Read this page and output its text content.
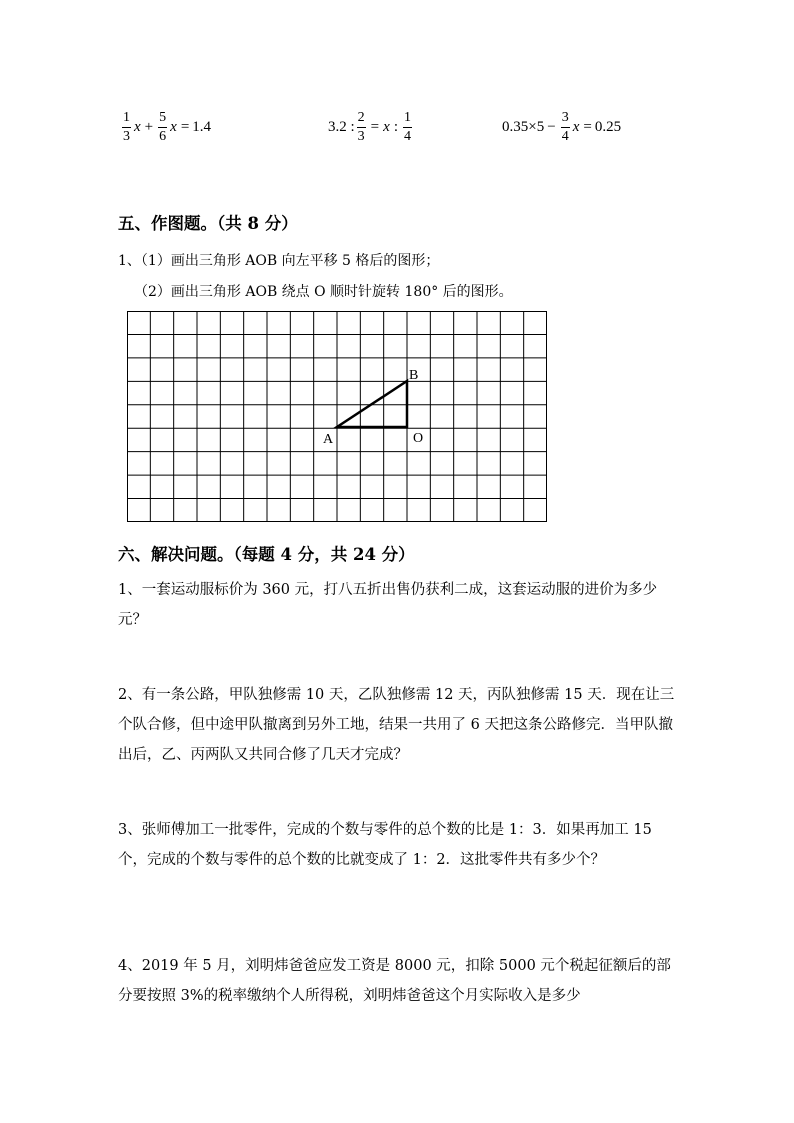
$\frac{1}{3}$ $x + \frac{5}{6}$ x = 1.4	3.2 : $\frac{2}{3} = x$ : $\frac{1}{4}$	$0.35\times 5 - \frac{3}{4}$ x = 0.25
五、作图题。（共 8 分）
1、（1）画出三角形 AOB 向左平移 5 格后的图形；
（2）画出三角形 AOB 绕点 O 顺时针旋转 180° 后的图形。
A
B
O
六、解决问题。（每题 4 分，共 24 分）
1、一套运动服标价为 360 元，打八五折出售仍获利二成，这套运动服的进价为多少元？
2、有一条公路，甲队独修需 10 天，乙队独修需 12 天，丙队独修需 15 天．现在让三个队合修，但中途甲队撤离到另外工地，结果一共用了 6 天把这条公路修完．当甲队撤出后，乙、丙两队又共同合修了几天才完成？
3、张师傅加工一批零件，完成的个数与零件的总个数的比是 1：3．如果再加工 15 个，完成的个数与零件的总个数的比就变成了 1：2．这批零件共有多少个？
4、2019 年 5 月，刘明炜爸爸应发工资是 8000 元，扣除 5000 元个税起征额后的部分要按照 3%的税率缴纳个人所得税，刘明炜爸爸这个月实际收入是多少
